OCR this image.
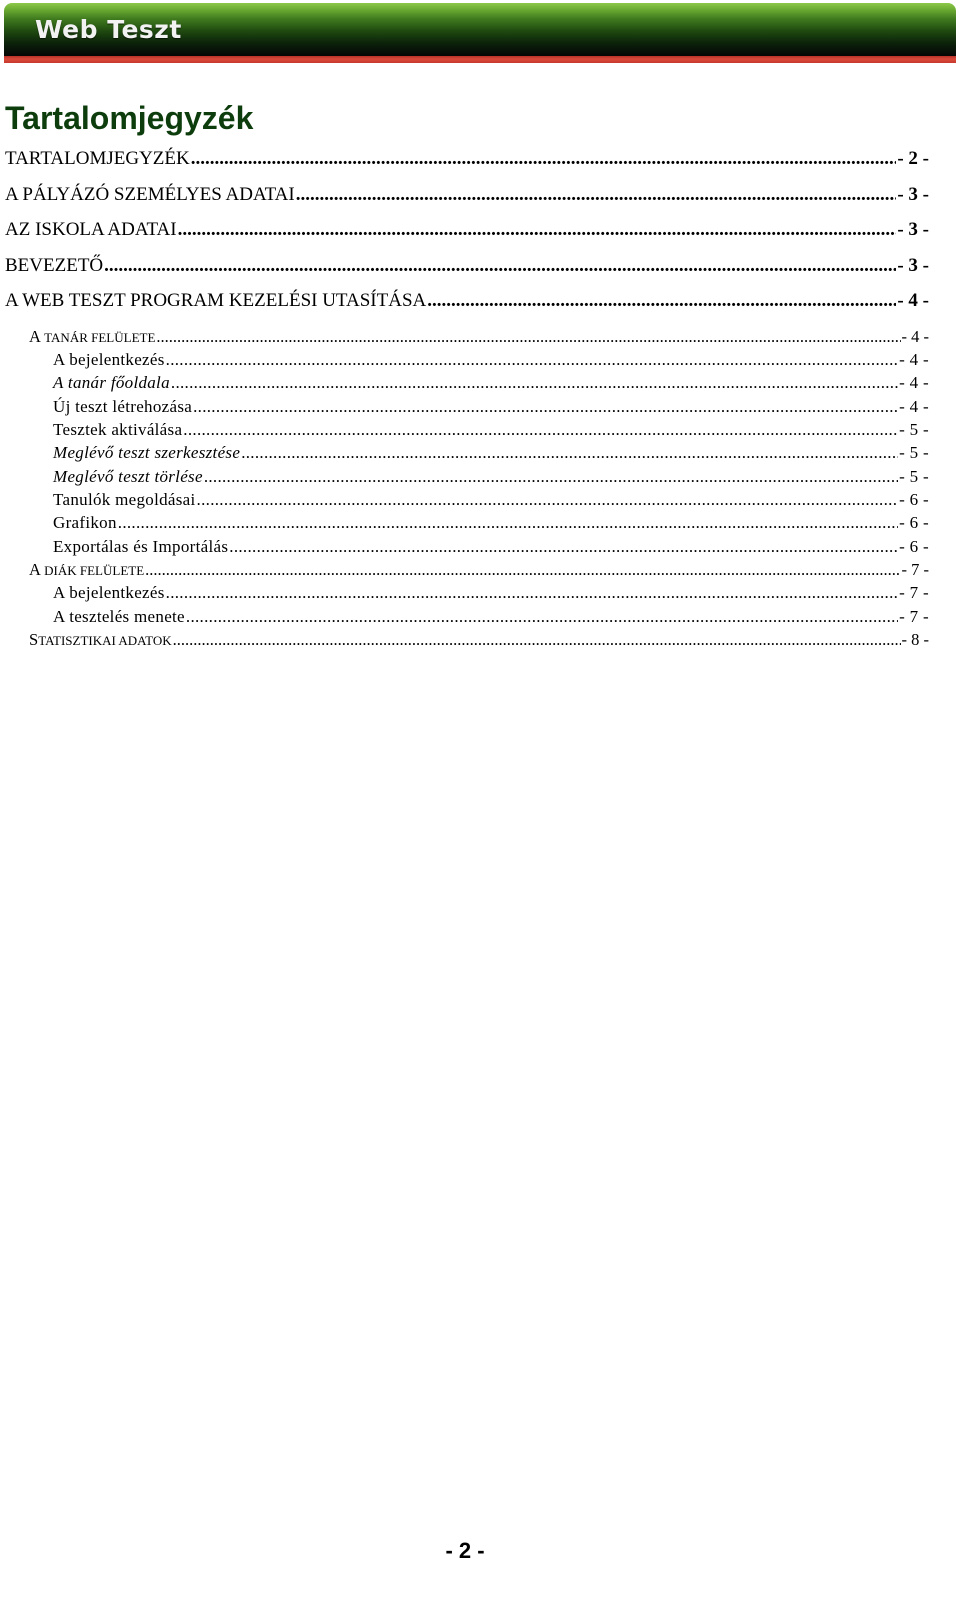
Web Teszt
Tartalomjegyzék
TARTALOMJEGYZÉK .....	- 2 -
A PÁLYÁZÓ SZEMÉLYES ADATAI .....	- 3 -
AZ ISKOLA ADATAI .....	- 3 -
BEVEZETŐ .....	- 3 -
A WEB TESZT PROGRAM KEZELÉSI UTASÍTÁSA .....	- 4 -
A TANÁR FELÜLETE .....	- 4 -
A bejelentkezés .....	- 4 -
A tanár főoldala .....	- 4 -
Új teszt létrehozása .....	- 4 -
Tesztek aktiválása .....	- 5 -
Meglévő teszt szerkesztése .....	- 5 -
Meglévő teszt törlése .....	- 5 -
Tanulók megoldásai .....	- 6 -
Grafikon .....	- 6 -
Exportálas és Importálás .....	- 6 -
A DIÁK FELÜLETE .....	- 7 -
A bejelentkezés .....	- 7 -
A tesztelés menete .....	- 7 -
STATISZTIKAI ADATOK .....	- 8 -
- 2 -
